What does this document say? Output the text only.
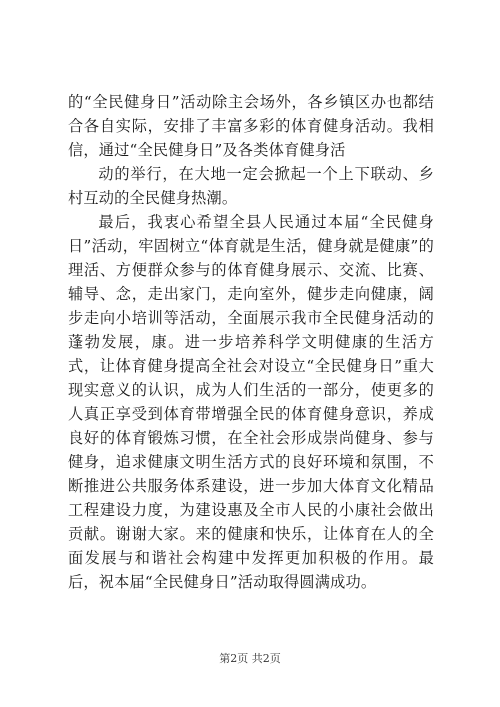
的“全民健身日”活动除主会场外，各乡镇区办也都结合各自实际，安排了丰富多彩的体育健身活动。我相信，通过“全民健身日”及各类体育健身活

动的举行，在大地一定会掀起一个上下联动、乡村互动的全民健身热潮。

最后，我衷心希望全县人民通过本届“全民健身日”活动，牢固树立“体育就是生活，健身就是健康”的理活、方便群众参与的体育健身展示、交流、比赛、辅导、念，走出家门，走向室外，健步走向健康，阔步走向小培训等活动，全面展示我市全民健身活动的蓬勃发展，康。进一步培养科学文明健康的生活方式，让体育健身提高全社会对设立“全民健身日”重大现实意义的认识，成为人们生活的一部分，使更多的人真正享受到体育带增强全民的体育健身意识，养成良好的体育锻炼习惯，在全社会形成崇尚健身、参与健身，追求健康文明生活方式的良好环境和氛围，不断推进公共服务体系建设，进一步加大体育文化精品工程建设力度，为建设惠及全市人民的小康社会做出贡献。谢谢大家。来的健康和快乐，让体育在人的全面发展与和谐社会构建中发挥更加积极的作用。最后，祝本届“全民健身日”活动取得圆满成功。

第2页 共2页
